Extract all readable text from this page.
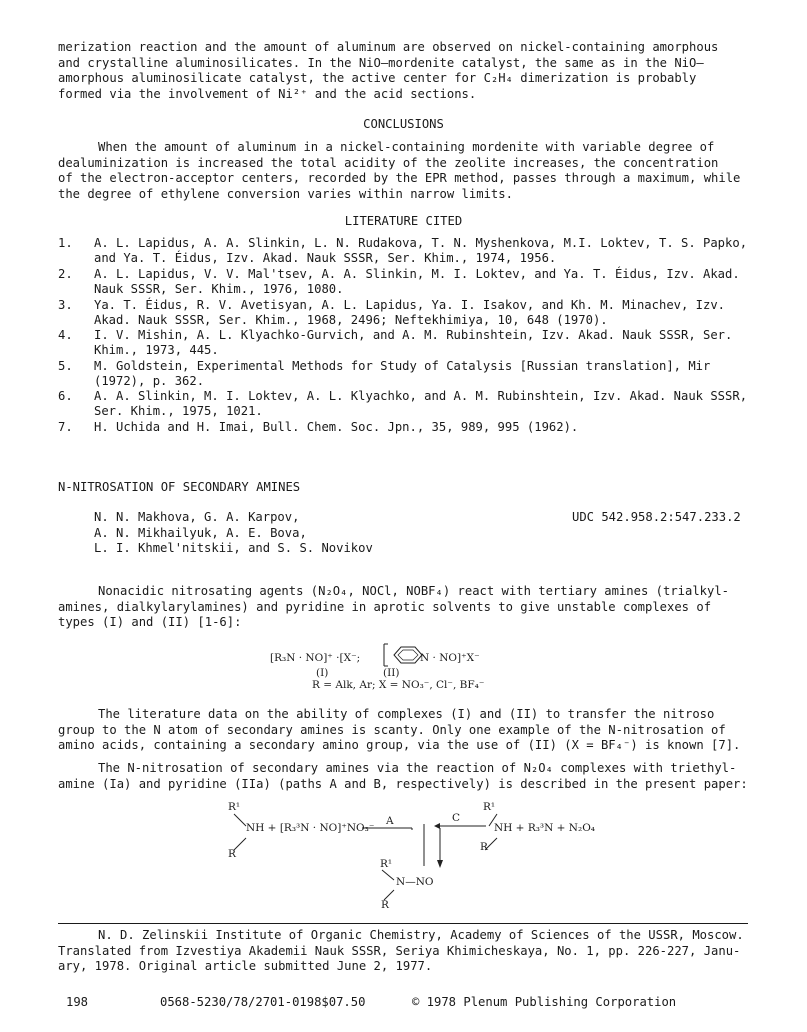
merization reaction and the amount of aluminum are observed on nickel-containing amorphous
and crystalline aluminosilicates. In the NiO—mordenite catalyst, the same as in the NiO—
amorphous aluminosilicate catalyst, the active center for C₂H₄ dimerization is probably
formed via the involvement of Ni²⁺ and the acid sections.
CONCLUSIONS
When the amount of aluminum in a nickel-containing mordenite with variable degree of
dealuminization is increased the total acidity of the zeolite increases, the concentration
of the electron-acceptor centers, recorded by the EPR method, passes through a maximum, while
the degree of ethylene conversion varies within narrow limits.
LITERATURE CITED
1. A. L. Lapidus, A. A. Slinkin, L. N. Rudakova, T. N. Myshenkova, M.I. Loktev, T. S. Papko,
and Ya. T. Éidus, Izv. Akad. Nauk SSSR, Ser. Khim., 1974, 1956.
2. A. L. Lapidus, V. V. Mal'tsev, A. A. Slinkin, M. I. Loktev, and Ya. T. Éidus, Izv. Akad.
Nauk SSSR, Ser. Khim., 1976, 1080.
3. Ya. T. Éidus, R. V. Avetisyan, A. L. Lapidus, Ya. I. Isakov, and Kh. M. Minachev, Izv.
Akad. Nauk SSSR, Ser. Khim., 1968, 2496; Neftekhimiya, 10, 648 (1970).
4. I. V. Mishin, A. L. Klyachko-Gurvich, and A. M. Rubinshtein, Izv. Akad. Nauk SSSR, Ser.
Khim., 1973, 445.
5. M. Goldstein, Experimental Methods for Study of Catalysis [Russian translation], Mir
(1972), p. 362.
6. A. A. Slinkin, M. I. Loktev, A. L. Klyachko, and A. M. Rubinshtein, Izv. Akad. Nauk SSSR,
Ser. Khim., 1975, 1021.
7. H. Uchida and H. Imai, Bull. Chem. Soc. Jpn., 35, 989, 995 (1962).
N-NITROSATION OF SECONDARY AMINES
N. N. Makhova, G. A. Karpov,
A. N. Mikhailyuk, A. E. Bova,
L. I. Khmel'nitskii, and S. S. Novikov
UDC 542.958.2:547.233.2
Nonacidic nitrosating agents (N₂O₄, NOCl, NOBF₄) react with tertiary amines (trialkyl-
amines, dialkylarylamines) and pyridine in aprotic solvents to give unstable complexes of
types (I) and (II) [1-6]:
[R₃N · NO]⁺ ·[X⁻;	N · NO]⁺X⁻
(I)	(II)
R = Alk, Ar; X = NO₃⁻, Cl⁻, BF₄⁻
The literature data on the ability of complexes (I) and (II) to transfer the nitroso
group to the N atom of secondary amines is scanty. Only one example of the N-nitrosation of
amino acids, containing a secondary amino group, via the use of (II) (X = BF₄⁻) is known [7].
The N-nitrosation of secondary amines via the reaction of N₂O₄ complexes with triethyl-
amine (Ia) and pyridine (IIa) (paths A and B, respectively) is described in the present paper:
R¹
NH + [R₃³N · NO]⁺NO₃⁻
R
A	C
R¹
NH + R₃³N + N₂O₄
R
R¹
N—NO
R
N. D. Zelinskii Institute of Organic Chemistry, Academy of Sciences of the USSR, Moscow.
Translated from Izvestiya Akademii Nauk SSSR, Seriya Khimicheskaya, No. 1, pp. 226-227, Janu-
ary, 1978. Original article submitted June 2, 1977.
198	0568-5230/78/2701-0198$07.50	© 1978 Plenum Publishing Corporation
